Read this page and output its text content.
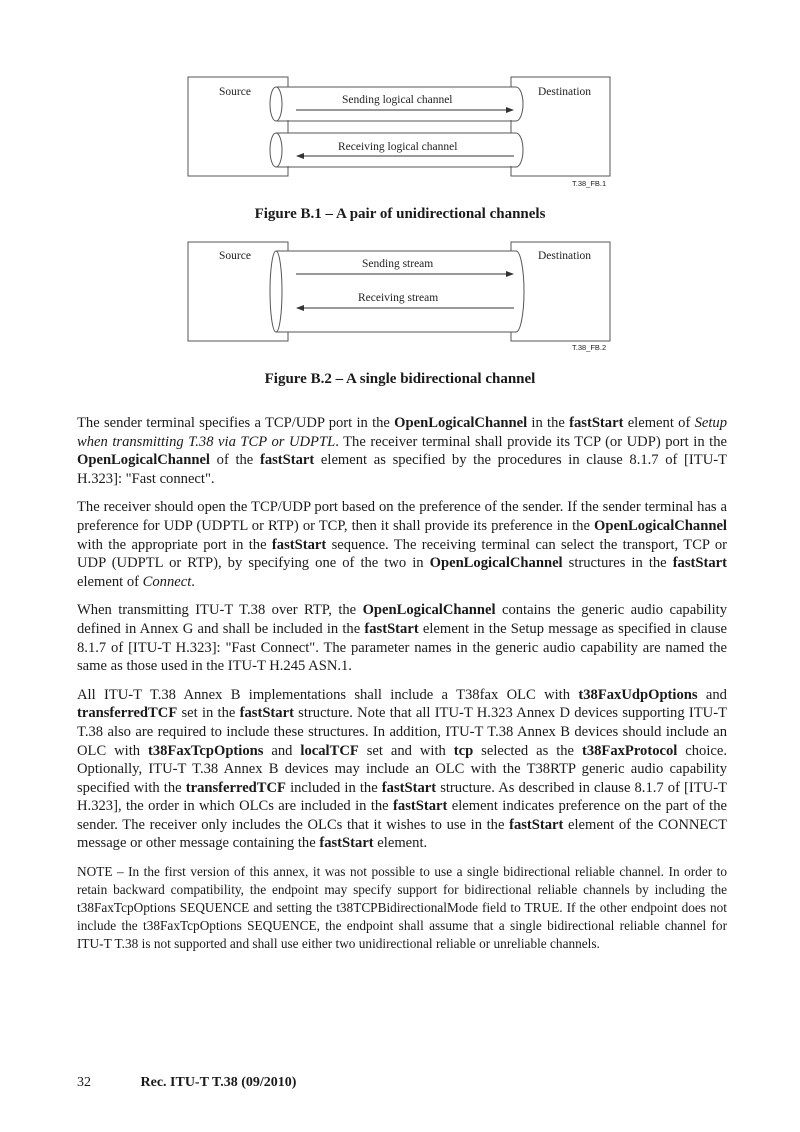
Source	Destination
Sending logical channel
Receiving logical channel
T.38_FB.1
Figure B.1 – A pair of unidirectional channels
Source	Destination
Sending stream
Receiving stream
T.38_FB.2
Figure B.2 – A single bidirectional channel

The sender terminal specifies a TCP/UDP port in the OpenLogicalChannel in the fastStart element of Setup when transmitting T.38 via TCP or UDPTL. The receiver terminal shall provide its TCP (or UDP) port in the OpenLogicalChannel of the fastStart element as specified by the procedures in clause 8.1.7 of [ITU-T H.323]: "Fast connect".

The receiver should open the TCP/UDP port based on the preference of the sender. If the sender terminal has a preference for UDP (UDPTL or RTP) or TCP, then it shall provide its preference in the OpenLogicalChannel with the appropriate port in the fastStart sequence. The receiving terminal can select the transport, TCP or UDP (UDPTL or RTP), by specifying one of the two in OpenLogicalChannel structures in the fastStart element of Connect.

When transmitting ITU-T T.38 over RTP, the OpenLogicalChannel contains the generic audio capability defined in Annex G and shall be included in the fastStart element in the Setup message as specified in clause 8.1.7 of [ITU-T H.323]: "Fast Connect". The parameter names in the generic audio capability are named the same as those used in the ITU-T H.245 ASN.1.

All ITU-T T.38 Annex B implementations shall include a T38fax OLC with t38FaxUdpOptions and transferredTCF set in the fastStart structure. Note that all ITU-T H.323 Annex D devices supporting ITU-T T.38 also are required to include these structures. In addition, ITU-T T.38 Annex B devices should include an OLC with t38FaxTcpOptions and localTCF set and with tcp selected as the t38FaxProtocol choice. Optionally, ITU-T T.38 Annex B devices may include an OLC with the T38RTP generic audio capability specified with the transferredTCF included in the fastStart structure. As described in clause 8.1.7 of [ITU-T H.323], the order in which OLCs are included in the fastStart element indicates preference on the part of the sender. The receiver only includes the OLCs that it wishes to use in the fastStart element of the CONNECT message or other message containing the fastStart element.

NOTE – In the first version of this annex, it was not possible to use a single bidirectional reliable channel. In order to retain backward compatibility, the endpoint may specify support for bidirectional reliable channels by including the t38FaxTcpOptions SEQUENCE and setting the t38TCPBidirectionalMode field to TRUE. If the other endpoint does not include the t38FaxTcpOptions SEQUENCE, the endpoint shall assume that a single bidirectional reliable channel for ITU-T T.38 is not supported and shall use either two unidirectional reliable or unreliable channels.

32	Rec. ITU-T T.38 (09/2010)
